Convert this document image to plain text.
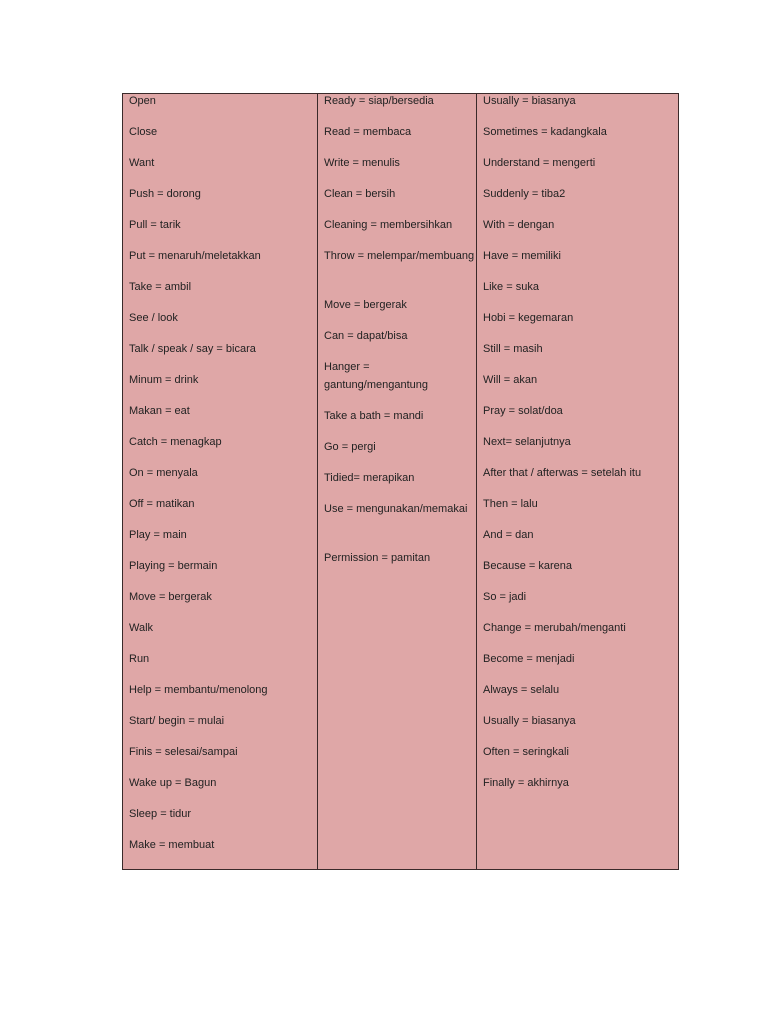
Open
Close
Want
Push = dorong
Pull = tarik
Put = menaruh/meletakkan
Take = ambil
See / look
Talk / speak / say = bicara
Minum = drink
Makan = eat
Catch = menagkap
On = menyala
Off = matikan
Play = main
Playing = bermain
Move = bergerak
Walk
Run
Help = membantu/menolong
Start/ begin = mulai
Finis = selesai/sampai
Wake up = Bagun
Sleep = tidur
Make = membuat
Ready = siap/bersedia
Read = membaca
Write = menulis
Clean = bersih
Cleaning = membersihkan
Throw = melempar/membuang
Move = bergerak
Can = dapat/bisa
Hanger = gantung/mengantung
Take a bath = mandi
Go = pergi
Tidied= merapikan
Use = mengunakan/memakai
Permission = pamitan
Usually = biasanya
Sometimes = kadangkala
Understand = mengerti
Suddenly = tiba2
With = dengan
Have = memiliki
Like = suka
Hobi = kegemaran
Still = masih
Will = akan
Pray = solat/doa
Next= selanjutnya
After that / afterwas = setelah itu
Then = lalu
And = dan
Because = karena
So = jadi
Change = merubah/menganti
Become = menjadi
Always = selalu
Usually = biasanya
Often = seringkali
Finally = akhirnya
